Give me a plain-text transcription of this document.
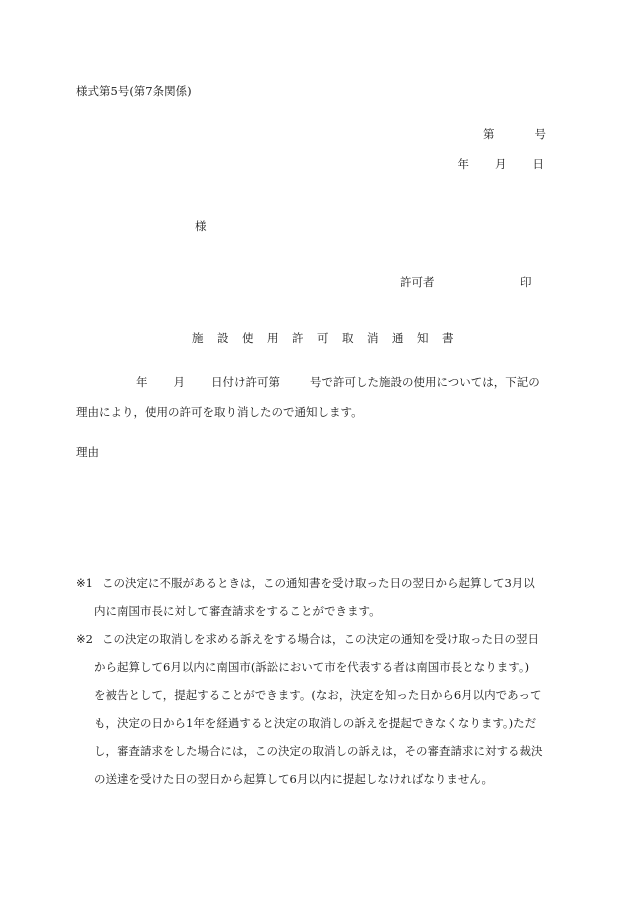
様式第5号(第7条関係)
第	号
年 月 日
様
許可者	印
施設使用許可取消通知書
年 月 日付け許可第	号で許可した施設の使用については，下記の
理由により，使用の許可を取り消したので通知します。
理由
※1 この決定に不服があるときは，この通知書を受け取った日の翌日から起算して3月以
内に南国市長に対して審査請求をすることができます。
※2 この決定の取消しを求める訴えをする場合は，この決定の通知を受け取った日の翌日
から起算して6月以内に南国市(訴訟において市を代表する者は南国市長となります。)
を被告として，提起することができます。(なお，決定を知った日から6月以内であって
も，決定の日から1年を経過すると決定の取消しの訴えを提起できなくなります。)ただ
し，審査請求をした場合には，この決定の取消しの訴えは，その審査請求に対する裁決
の送達を受けた日の翌日から起算して6月以内に提起しなければなりません。
